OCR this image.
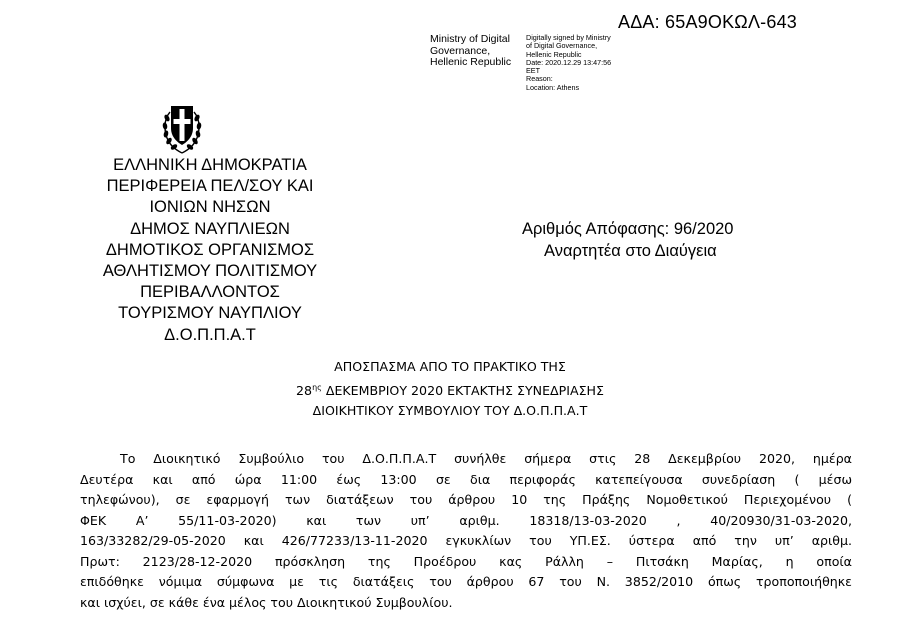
ΑΔΑ: 65Α9ΟΚΩΛ-643
Ministry of Digital
Governance,
Hellenic Republic
Digitally signed by Ministry
of Digital Governance,
Hellenic Republic
Date: 2020.12.29 13:47:56
EET
Reason:
Location: Athens
ΕΛΛΗΝΙΚΗ ΔΗΜΟΚΡΑΤΙΑ
ΠΕΡΙΦΕΡΕΙΑ ΠΕΛ/ΣΟΥ ΚΑΙ
ΙΟΝΙΩΝ ΝΗΣΩΝ
ΔΗΜΟΣ ΝΑΥΠΛΙΕΩΝ
ΔΗΜΟΤΙΚΟΣ ΟΡΓΑΝΙΣΜΟΣ
ΑΘΛΗΤΙΣΜΟΥ ΠΟΛΙΤΙΣΜΟΥ
ΠΕΡΙΒΑΛΛΟΝΤΟΣ
ΤΟΥΡΙΣΜΟΥ ΝΑΥΠΛΙΟΥ
Δ.Ο.Π.Π.Α.Τ
Αριθμός Απόφασης: 96/2020
Αναρτητέα στο Διαύγεια
ΑΠΟΣΠΑΣΜΑ ΑΠΟ ΤΟ ΠΡΑΚΤΙΚΟ ΤΗΣ
$28^{\eta\varsigma}$ ΔΕΚΕΜΒΡΙΟΥ 2020 ΕΚΤΑΚΤΗΣ ΣΥΝΕΔΡΙΑΣΗΣ
ΔΙΟΙΚΗΤΙΚΟΥ ΣΥΜΒΟΥΛΙΟΥ ΤΟΥ Δ.Ο.Π.Π.Α.Τ
Το Διοικητικό Συμβούλιο του Δ.Ο.Π.Π.Α.Τ συνήλθε σήμερα στις 28 Δεκεμβρίου 2020, ημέρα
Δευτέρα και από ώρα 11:00 έως 13:00 σε δια περιφοράς κατεπείγουσα συνεδρίαση ( μέσω
τηλεφώνου), σε εφαρμογή των διατάξεων του άρθρου 10 της Πράξης Νομοθετικού Περιεχομένου (
ΦΕΚ Α’ 55/11-03-2020) και των υπ’ αριθμ. 18318/13-03-2020 , 40/20930/31-03-2020,
163/33282/29-05-2020 και 426/77233/13-11-2020 εγκυκλίων του ΥΠ.ΕΣ. ύστερα από την υπ’ αριθμ.
Πρωτ: 2123/28-12-2020 πρόσκληση της Προέδρου κας Ράλλη – Πιτσάκη Μαρίας, η οποία
επιδόθηκε νόμιμα σύμφωνα με τις διατάξεις του άρθρου 67 του Ν. 3852/2010 όπως τροποποιήθηκε
και ισχύει, σε κάθε ένα μέλος του Διοικητικού Συμβουλίου.
